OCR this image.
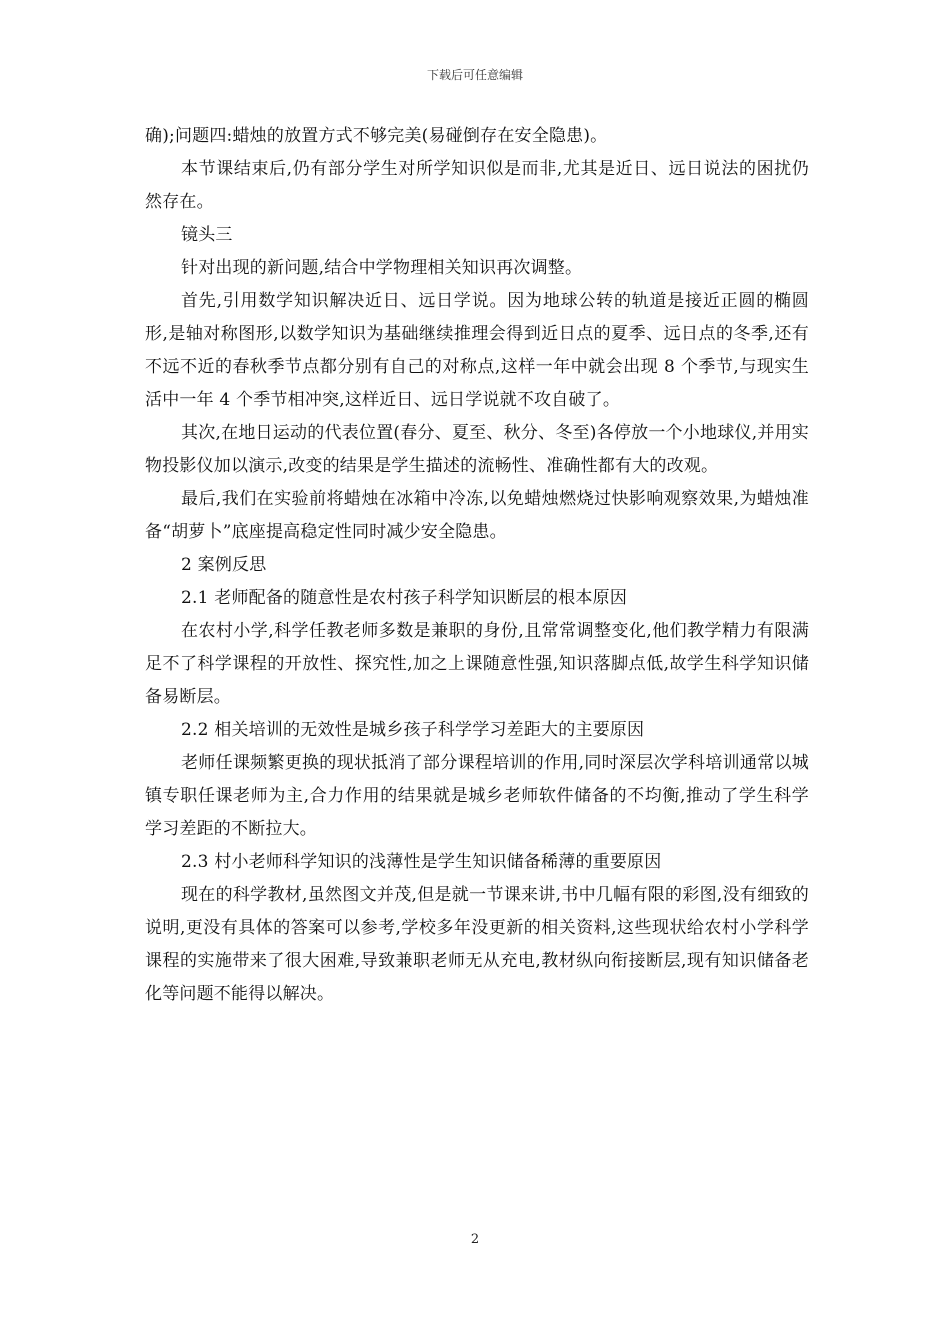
下载后可任意编辑

确);问题四:蜡烛的放置方式不够完美(易碰倒存在安全隐患)。

本节课结束后,仍有部分学生对所学知识似是而非,尤其是近日、远日说法的困扰仍然存在。

镜头三

针对出现的新问题,结合中学物理相关知识再次调整。

首先,引用数学知识解决近日、远日学说。因为地球公转的轨道是接近正圆的椭圆形,是轴对称图形,以数学知识为基础继续推理会得到近日点的夏季、远日点的冬季,还有不远不近的春秋季节点都分别有自己的对称点,这样一年中就会出现 8 个季节,与现实生活中一年 4 个季节相冲突,这样近日、远日学说就不攻自破了。

其次,在地日运动的代表位置(春分、夏至、秋分、冬至)各停放一个小地球仪,并用实物投影仪加以演示,改变的结果是学生描述的流畅性、准确性都有大的改观。

最后,我们在实验前将蜡烛在冰箱中冷冻,以免蜡烛燃烧过快影响观察效果,为蜡烛准备“胡萝卜”底座提高稳定性同时减少安全隐患。

2 案例反思

2.1 老师配备的随意性是农村孩子科学知识断层的根本原因

在农村小学,科学任教老师多数是兼职的身份,且常常调整变化,他们教学精力有限满足不了科学课程的开放性、探究性,加之上课随意性强,知识落脚点低,故学生科学知识储备易断层。

2.2 相关培训的无效性是城乡孩子科学学习差距大的主要原因

老师任课频繁更换的现状抵消了部分课程培训的作用,同时深层次学科培训通常以城镇专职任课老师为主,合力作用的结果就是城乡老师软件储备的不均衡,推动了学生科学学习差距的不断拉大。

2.3 村小老师科学知识的浅薄性是学生知识储备稀薄的重要原因

现在的科学教材,虽然图文并茂,但是就一节课来讲,书中几幅有限的彩图,没有细致的说明,更没有具体的答案可以参考,学校多年没更新的相关资料,这些现状给农村小学科学课程的实施带来了很大困难,导致兼职老师无从充电,教材纵向衔接断层,现有知识储备老化等问题不能得以解决。

2
